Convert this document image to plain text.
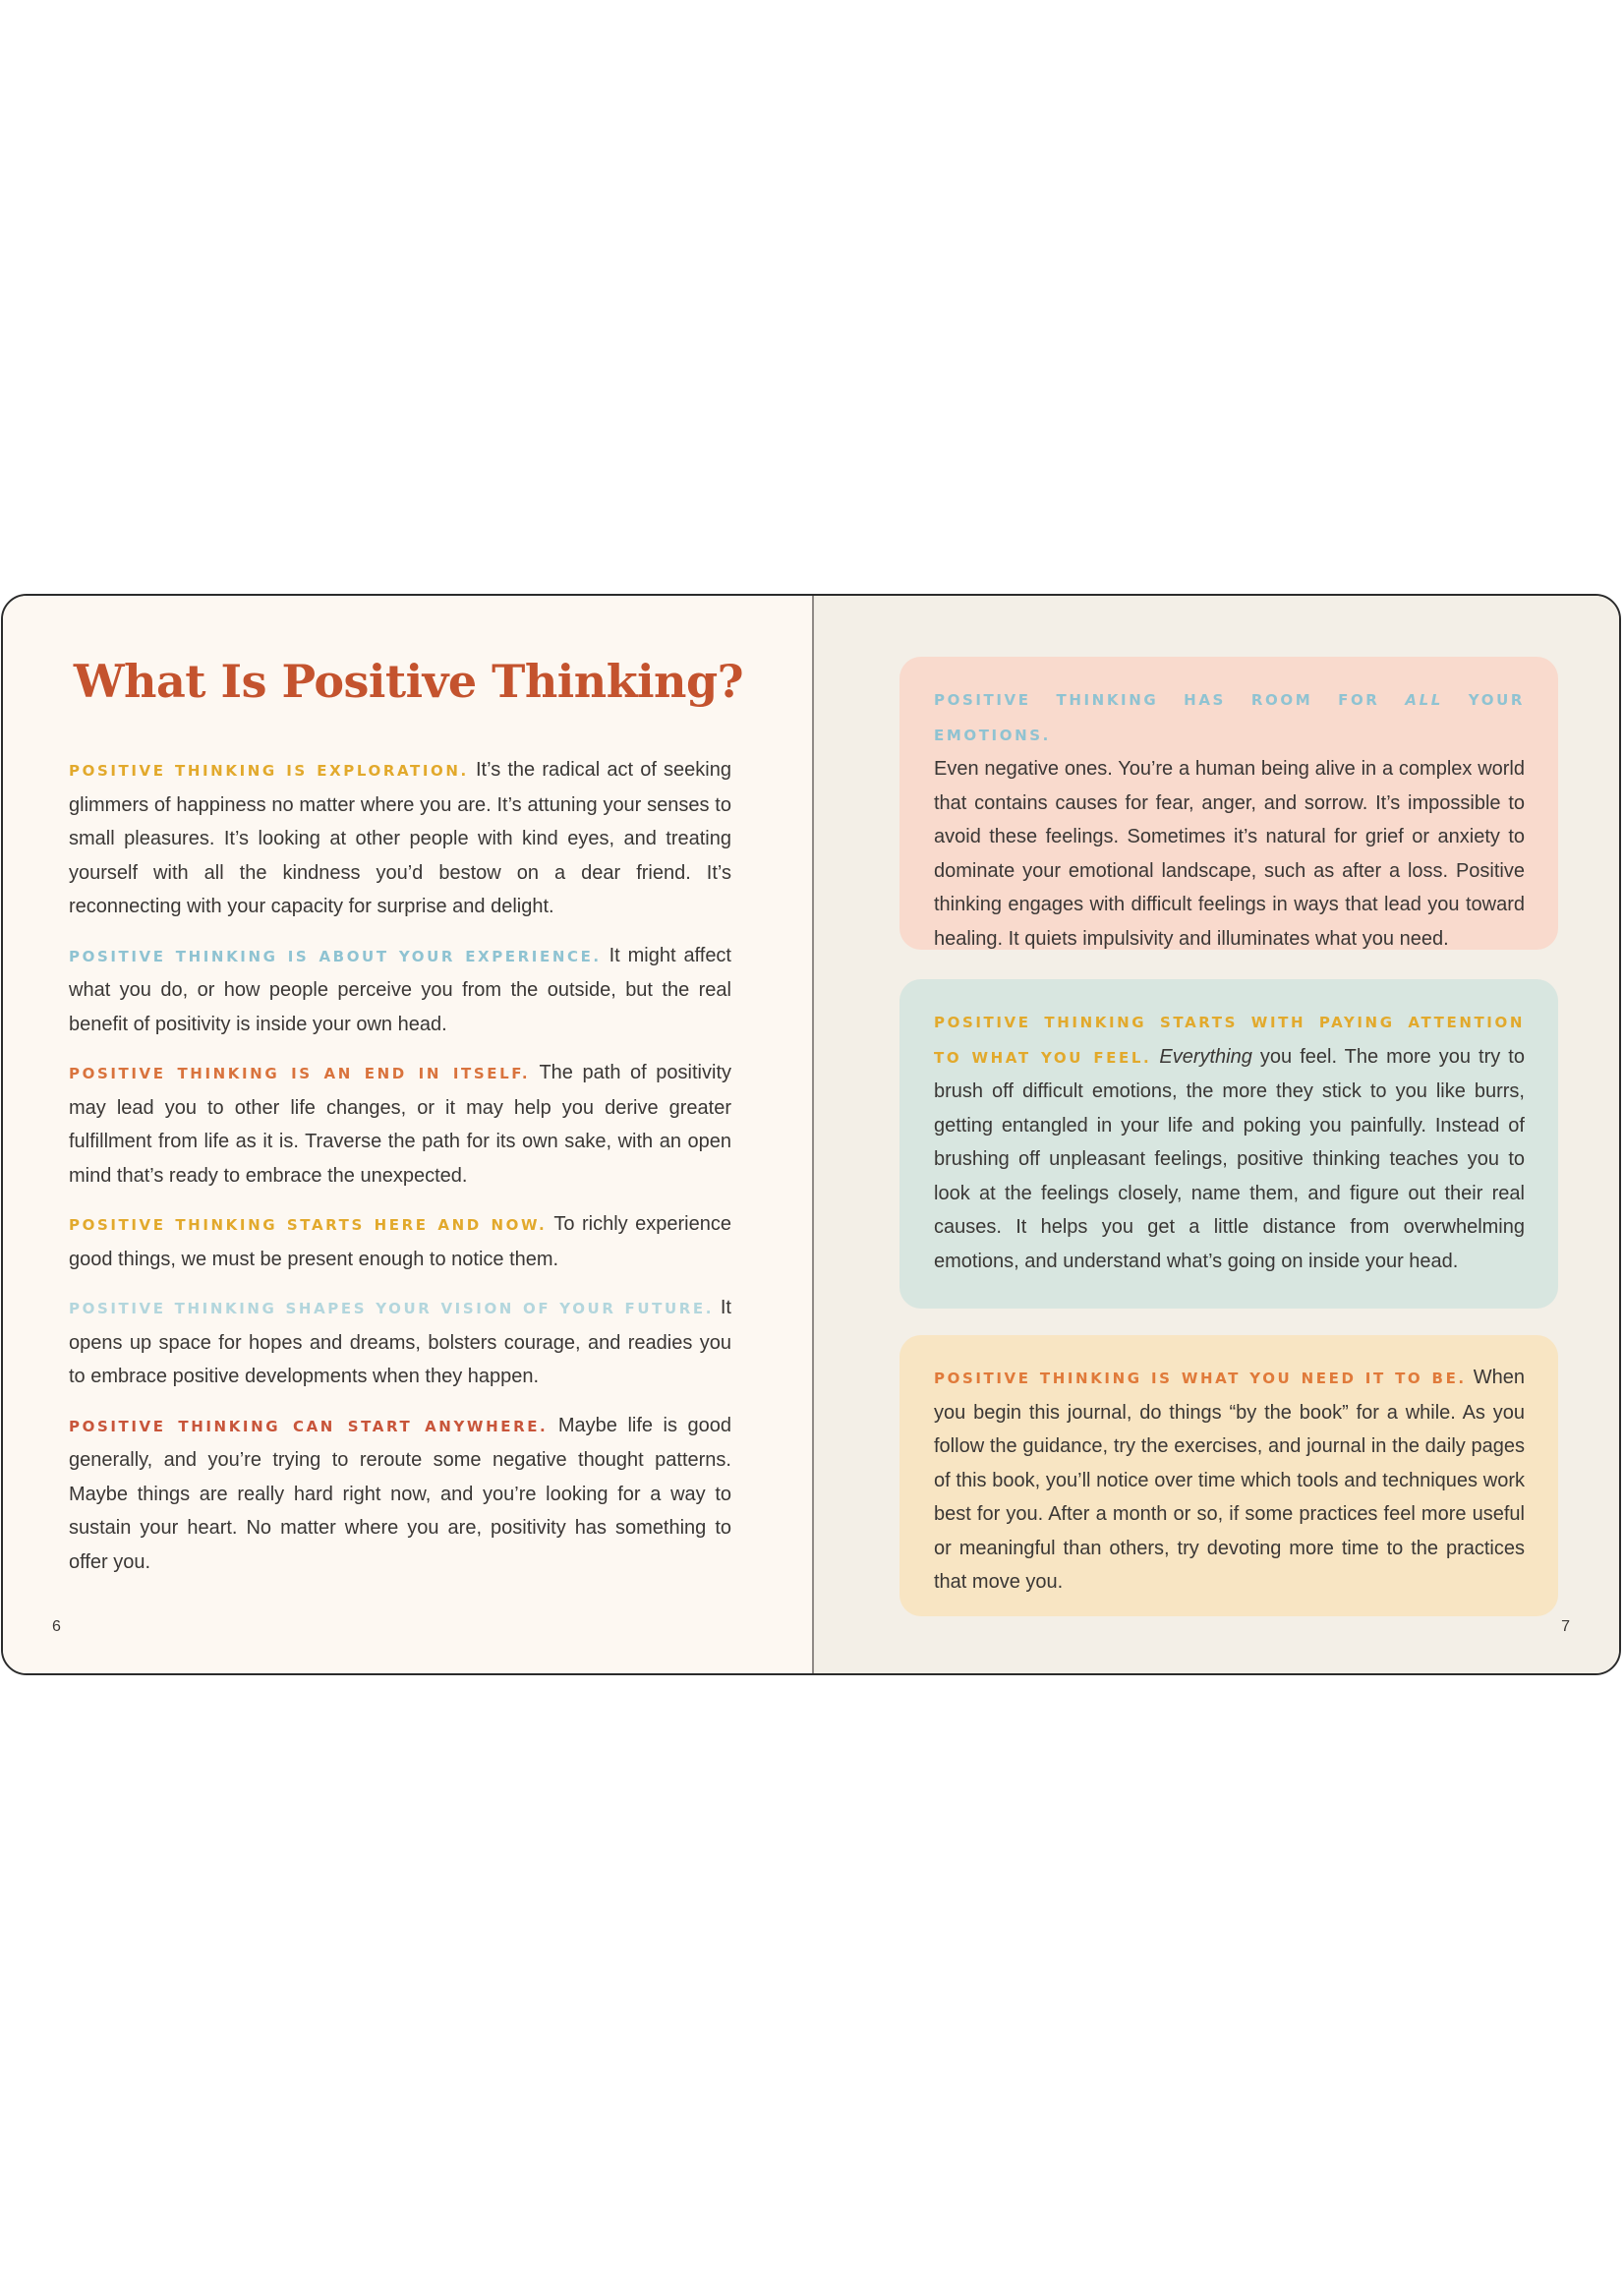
What Is Positive Thinking?

POSITIVE THINKING IS EXPLORATION. It’s the radical act of seeking glimmers of happiness no matter where you are. It’s attuning your senses to small pleasures. It’s looking at other people with kind eyes, and treating yourself with all the kindness you’d bestow on a dear friend. It’s reconnecting with your capacity for surprise and delight.

POSITIVE THINKING IS ABOUT YOUR EXPERIENCE. It might affect what you do, or how people perceive you from the outside, but the real benefit of positivity is inside your own head.

POSITIVE THINKING IS AN END IN ITSELF. The path of positivity may lead you to other life changes, or it may help you derive greater fulfillment from life as it is. Traverse the path for its own sake, with an open mind that’s ready to embrace the unexpected.

POSITIVE THINKING STARTS HERE AND NOW. To richly experience good things, we must be present enough to notice them.

POSITIVE THINKING SHAPES YOUR VISION OF YOUR FUTURE. It opens up space for hopes and dreams, bolsters courage, and readies you to embrace positive developments when they happen.

POSITIVE THINKING CAN START ANYWHERE. Maybe life is good generally, and you’re trying to reroute some negative thought patterns. Maybe things are really hard right now, and you’re looking for a way to sustain your heart. No matter where you are, positivity has something to offer you.

6

POSITIVE THINKING HAS ROOM FOR ALL YOUR EMOTIONS.
Even negative ones. You’re a human being alive in a complex world that contains causes for fear, anger, and sorrow. It’s impossible to avoid these feelings. Sometimes it’s natural for grief or anxiety to dominate your emotional landscape, such as after a loss. Positive thinking engages with difficult feelings in ways that lead you toward healing. It quiets impulsivity and illuminates what you need.

POSITIVE THINKING STARTS WITH PAYING ATTENTION TO WHAT YOU FEEL. Everything you feel. The more you try to brush off difficult emotions, the more they stick to you like burrs, getting entangled in your life and poking you painfully. Instead of brushing off unpleasant feelings, positive thinking teaches you to look at the feelings closely, name them, and figure out their real causes. It helps you get a little distance from overwhelming emotions, and understand what’s going on inside your head.

POSITIVE THINKING IS WHAT YOU NEED IT TO BE. When you begin this journal, do things “by the book” for a while. As you follow the guidance, try the exercises, and journal in the daily pages of this book, you’ll notice over time which tools and techniques work best for you. After a month or so, if some practices feel more useful or meaningful than others, try devoting more time to the practices that move you.

7
